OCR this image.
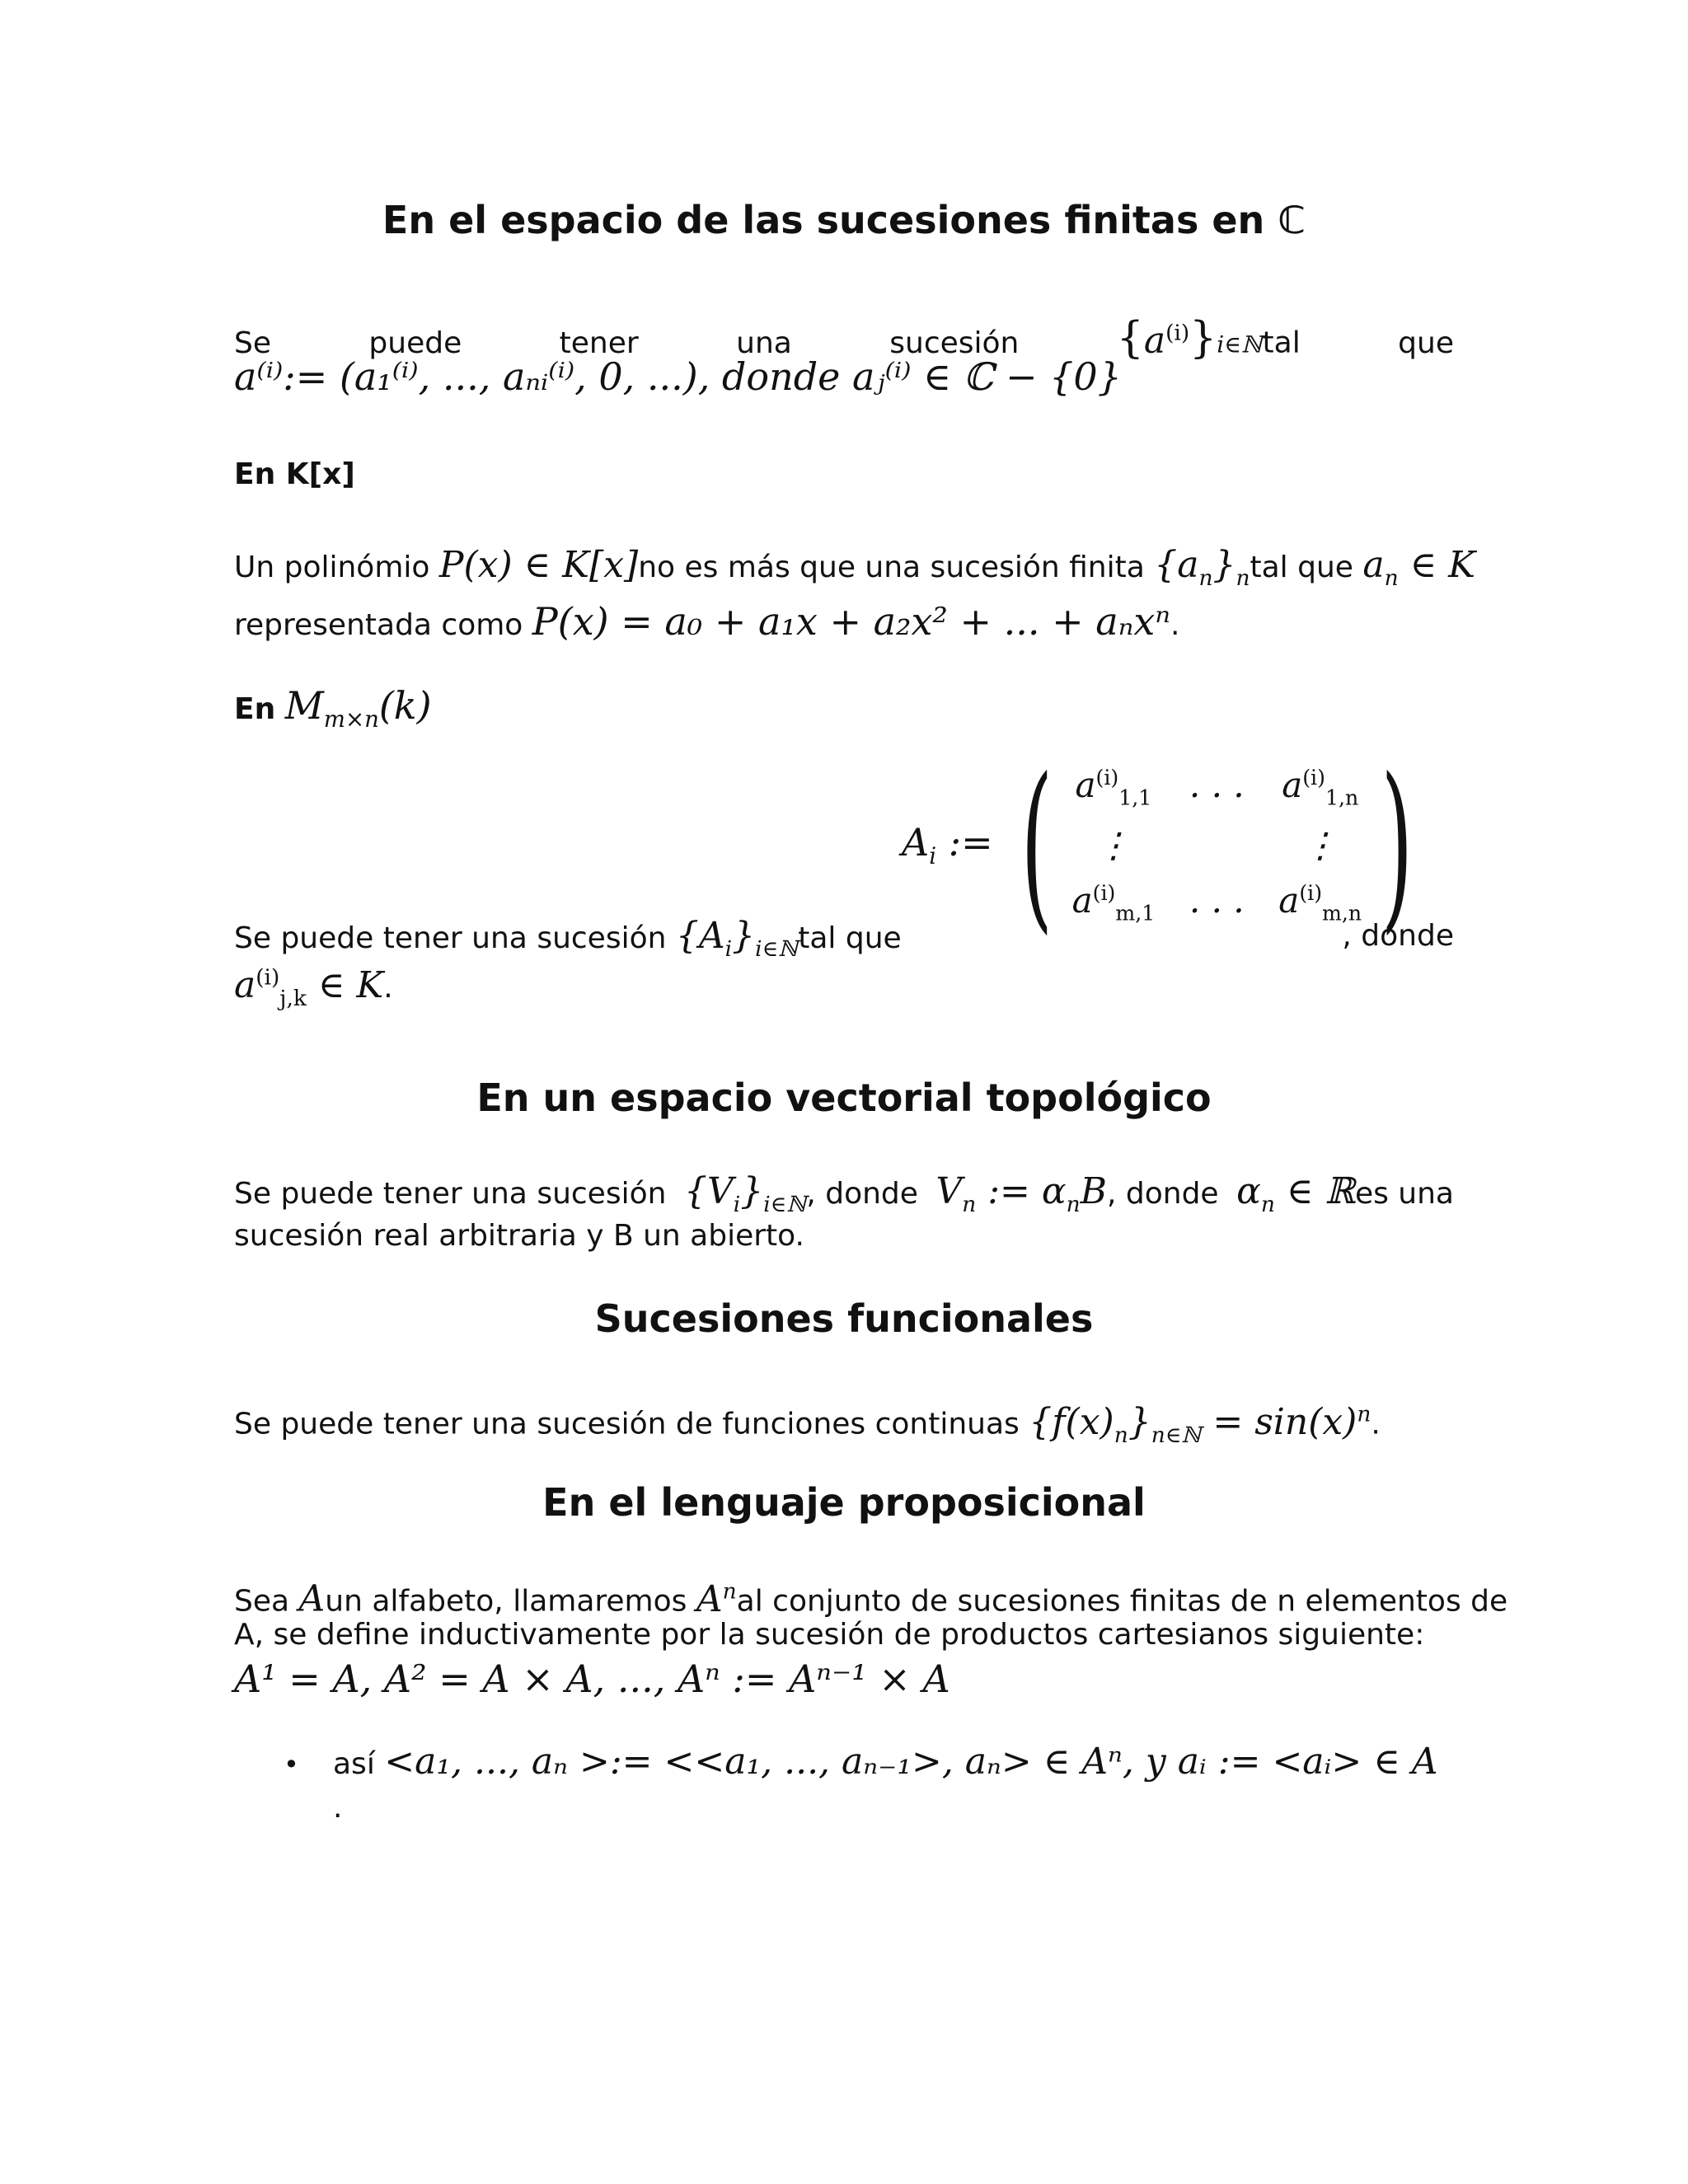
En el espacio de las sucesiones finitas en ℂ
Se	puede	tener	una	sucesión $\{a^{(i)}\}i\in ℕtal$	que
a⁽ⁱ⁾:= (a₁⁽ⁱ⁾, ..., aₙᵢ⁽ⁱ⁾, 0, ...), donde aⱼ⁽ⁱ⁾ ∈ ℂ − {0}
En K[x]
Un polinómio P(x) ∈ K[x]no es más que una sucesión finita $\{a_n\}_ntal$ que $a_n$ ∈ K
representada como P(x) = a₀ + a₁x + a₂x² + ... + aₙxⁿ.
En $M_{m\times n}(k)$
$A_i$ := ( $a^{(i)}_{1,1}$ . . . $a^{(i)}_{1,n}$
⋮	⋮
$a^{(i)}_{m,1}$ . . . $a^{(i)}_{m,n}$ )
Se puede tener una sucesión $\{A_i\}_{i\in ℕ}tal$ que	, donde
$a^{(i)}_{j,k}$ ∈ K.
En un espacio vectorial topológico
Se puede tener una sucesión $\{V_i\}_{i\in ℕ}$, donde $V_n$ := $\alpha_nB$, donde $\alpha_n$ ∈ ℝes una
sucesión real arbitraria y B un abierto.
Sucesiones funcionales
Se puede tener una sucesión de funciones continuas $\{f(x)_n\}_{n\in ℕ} = \sin(x)^n$.
En el lenguaje proposicional
Sea Aun alfabeto, llamaremos $A^nal$ conjunto de sucesiones finitas de n elementos de
A, se define inductivamente por la sucesión de productos cartesianos siguiente:
A¹ = A, A² = A × A, ..., Aⁿ := Aⁿ⁻¹ × A
• así <a₁, ..., aₙ >:= <<a₁, ..., aₙ₋₁>, aₙ> ∈ Aⁿ, y aᵢ := <aᵢ> ∈ A
.
